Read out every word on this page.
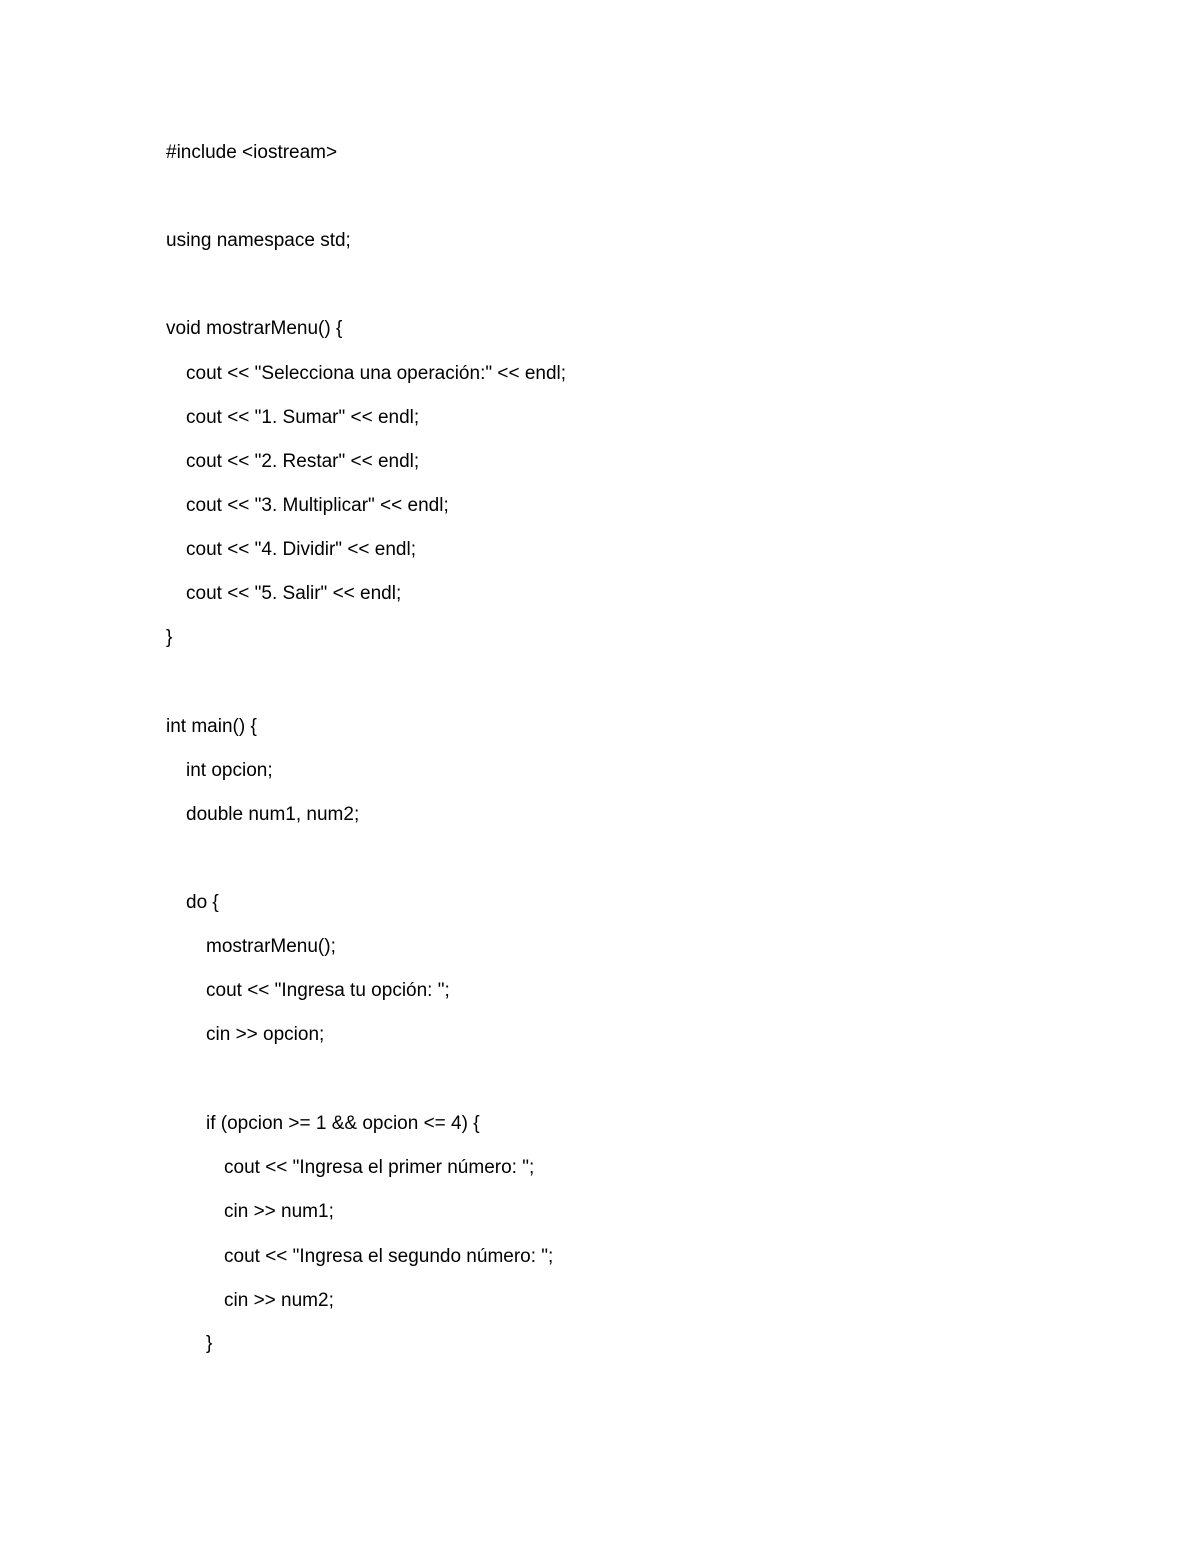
#include <iostream>
using namespace std;
void mostrarMenu() {
cout << "Selecciona una operación:" << endl;
cout << "1. Sumar" << endl;
cout << "2. Restar" << endl;
cout << "3. Multiplicar" << endl;
cout << "4. Dividir" << endl;
cout << "5. Salir" << endl;
}
int main() {
int opcion;
double num1, num2;
do {
mostrarMenu();
cout << "Ingresa tu opción: ";
cin >> opcion;
if (opcion >= 1 && opcion <= 4) {
cout << "Ingresa el primer número: ";
cin >> num1;
cout << "Ingresa el segundo número: ";
cin >> num2;
}
